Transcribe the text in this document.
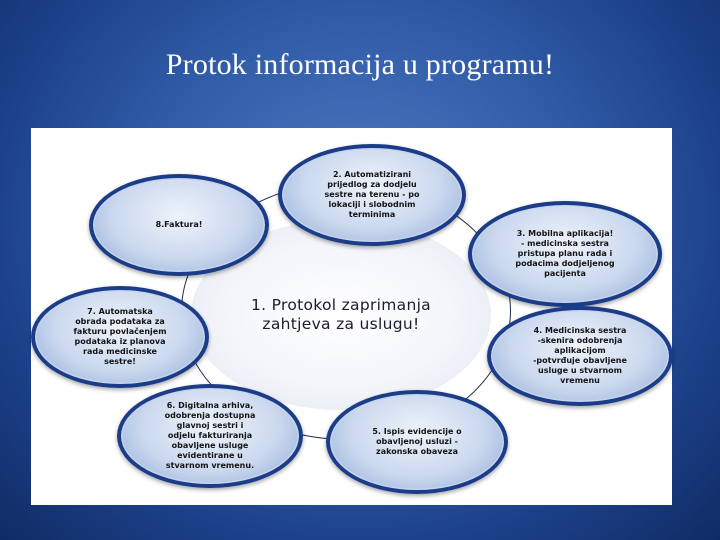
Protok informacija u programu!
1. Protokol zaprimanja
zahtjeva za uslugu!
2. Automatizirani
prijedlog za dodjelu
sestre na terenu - po
lokaciji i slobodnim
terminima
3. Mobilna aplikacija!
- medicinska sestra
pristupa planu rada i
podacima dodjeljenog
pacijenta
4. Medicinska sestra
-skenira odobrenja
aplikacijom
-potvrđuje obavljene
usluge u stvarnom
vremenu
5. Ispis evidencije o
obavljenoj usluzi -
zakonska obaveza
6. Digitalna arhiva,
odobrenja dostupna
glavnoj sestri i
odjelu fakturiranja
obavljene usluge
evidentirane u
stvarnom vremenu.
7. Automatska
obrada podataka za
fakturu povlačenjem
podataka iz planova
rada medicinske
sestre!
8.Faktura!
